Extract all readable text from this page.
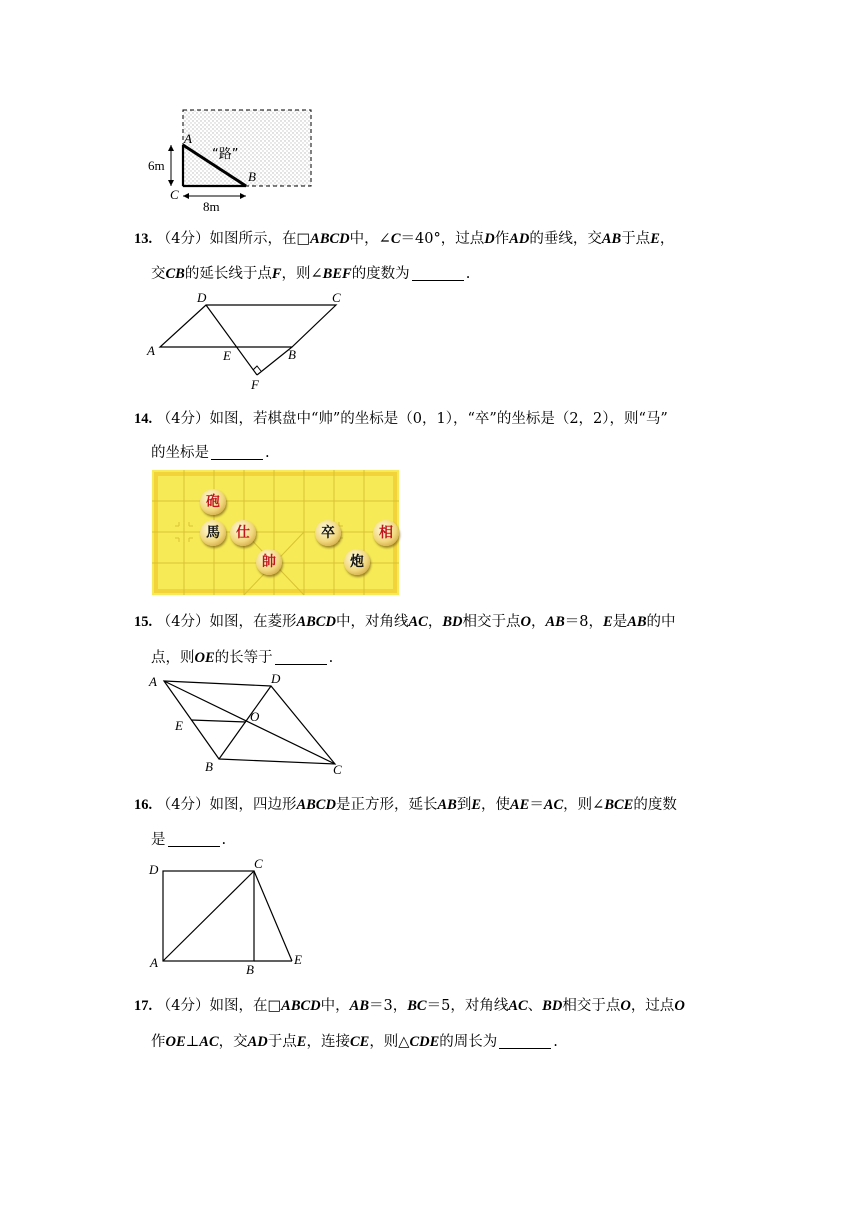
A
B
C
“路”
6m
8m
13. （4分）如图所示，在□ABCD中，∠C＝40°，过点D作AD的垂线，交AB于点E，
交CB的延长线于点F，则∠BEF的度数为	.
A	B
C
D
E
F
14. （4分）如图，若棋盘中“帅”的坐标是（0，1），“卒”的坐标是（2，2），则“马”
的坐标是	.
砲
馬	仕	卒	相
帥	炮
15. （4分）如图，在菱形ABCD中，对角线AC，BD相交于点O，AB＝8，E是AB的中
点，则OE的长等于	.
A
B	C
D
E
O
16. （4分）如图，四边形ABCD是正方形，延长AB到E，使AE＝AC，则∠BCE的度数
是	.
A	B
C
D
E
17. （4分）如图，在□ABCD中，AB＝3，BC＝5，对角线AC、BD相交于点O，过点O
作OE⊥AC，交AD于点E，连接CE，则△CDE的周长为	.
